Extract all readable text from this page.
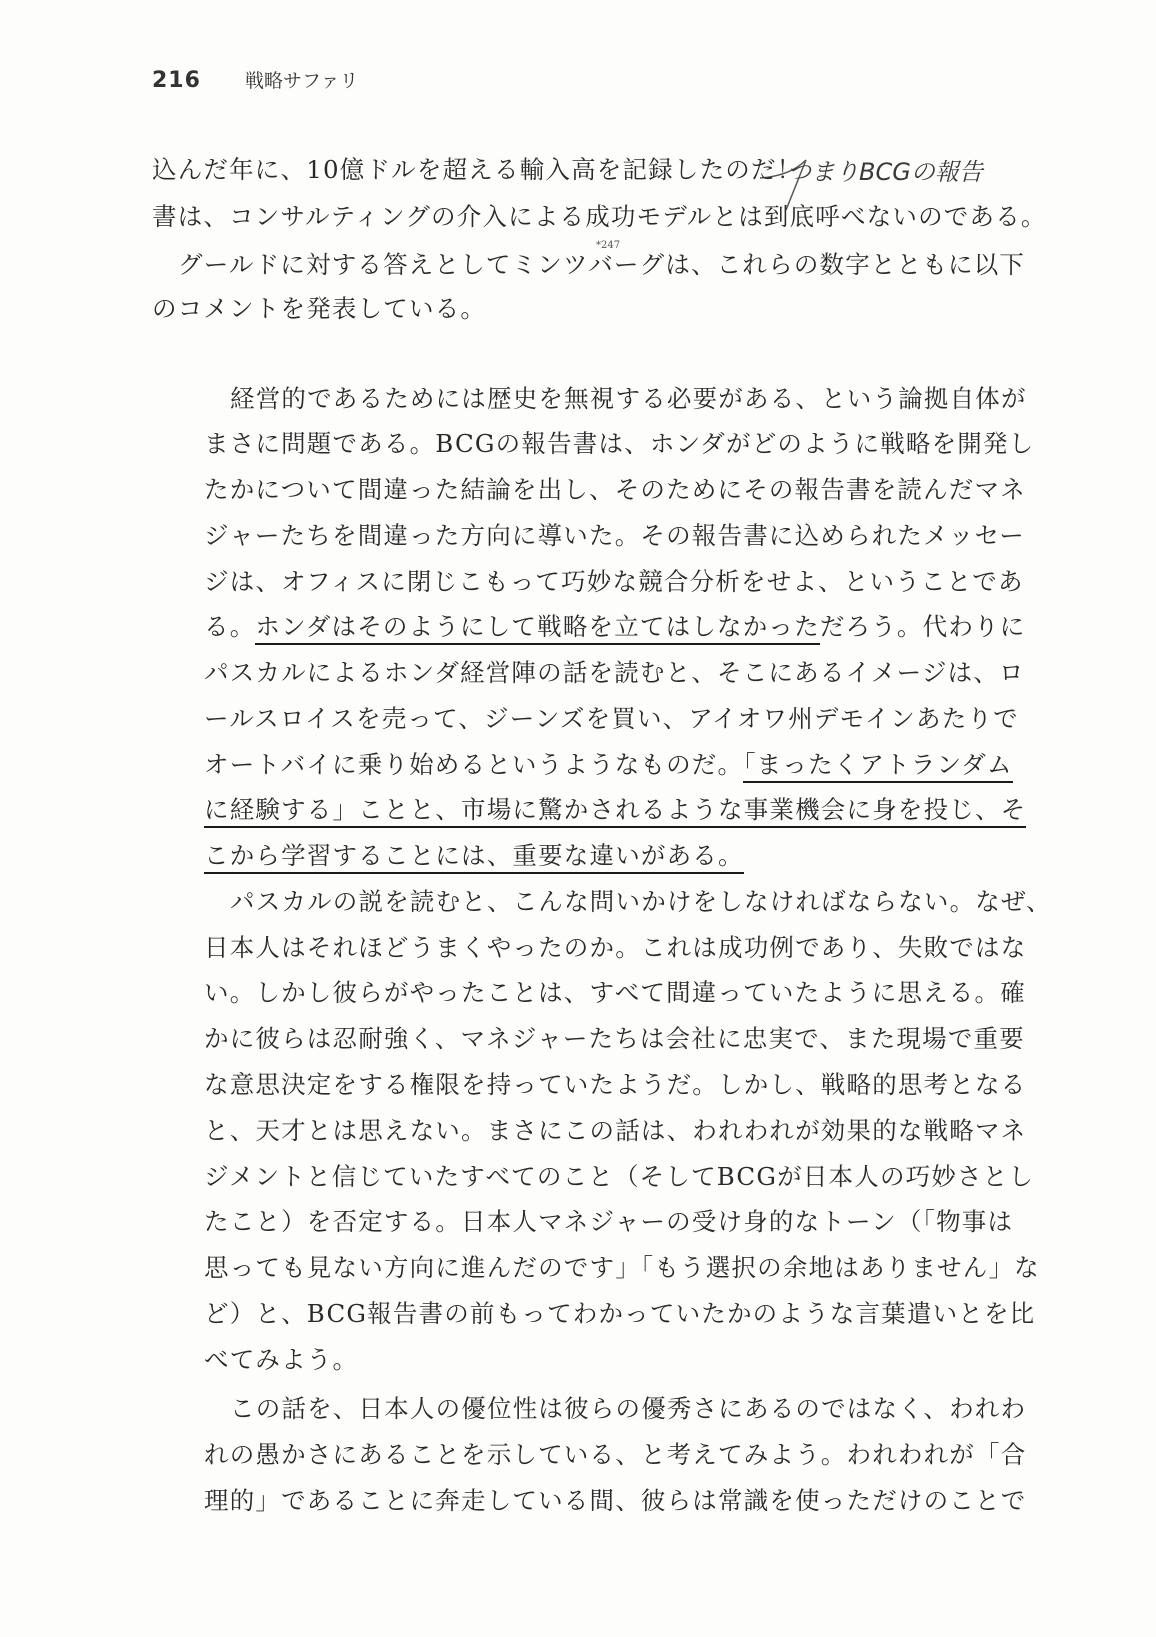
216 戦略サファリ
つまりBCGの報告
込んだ年に、10億ドルを超える輸入高を記録したのだ！
書は、コンサルティングの介入による成功モデルとは到底呼べないのである。
*247
グールドに対する答えとしてミンツバーグは、これらの数字とともに以下
のコメントを発表している。
経営的であるためには歴史を無視する必要がある、という論拠自体が
まさに問題である。BCGの報告書は、ホンダがどのように戦略を開発し
たかについて間違った結論を出し、そのためにその報告書を読んだマネ
ジャーたちを間違った方向に導いた。その報告書に込められたメッセー
ジは、オフィスに閉じこもって巧妙な競合分析をせよ、ということであ
る。ホンダはそのようにして戦略を立てはしなかっただろう。代わりに
パスカルによるホンダ経営陣の話を読むと、そこにあるイメージは、ロ
ールスロイスを売って、ジーンズを買い、アイオワ州デモインあたりで
オートバイに乗り始めるというようなものだ。「まったくアトランダム
に経験する」ことと、市場に驚かされるような事業機会に身を投じ、そ
こから学習することには、重要な違いがある。
パスカルの説を読むと、こんな問いかけをしなければならない。なぜ、
日本人はそれほどうまくやったのか。これは成功例であり、失敗ではな
い。しかし彼らがやったことは、すべて間違っていたように思える。確
かに彼らは忍耐強く、マネジャーたちは会社に忠実で、また現場で重要
な意思決定をする権限を持っていたようだ。しかし、戦略的思考となる
と、天才とは思えない。まさにこの話は、われわれが効果的な戦略マネ
ジメントと信じていたすべてのこと（そしてBCGが日本人の巧妙さとし
たこと）を否定する。日本人マネジャーの受け身的なトーン（「物事は
思っても見ない方向に進んだのです」「もう選択の余地はありません」な
ど）と、BCG報告書の前もってわかっていたかのような言葉遣いとを比
べてみよう。
この話を、日本人の優位性は彼らの優秀さにあるのではなく、われわ
れの愚かさにあることを示している、と考えてみよう。われわれが「合
理的」であることに奔走している間、彼らは常識を使っただけのことで
